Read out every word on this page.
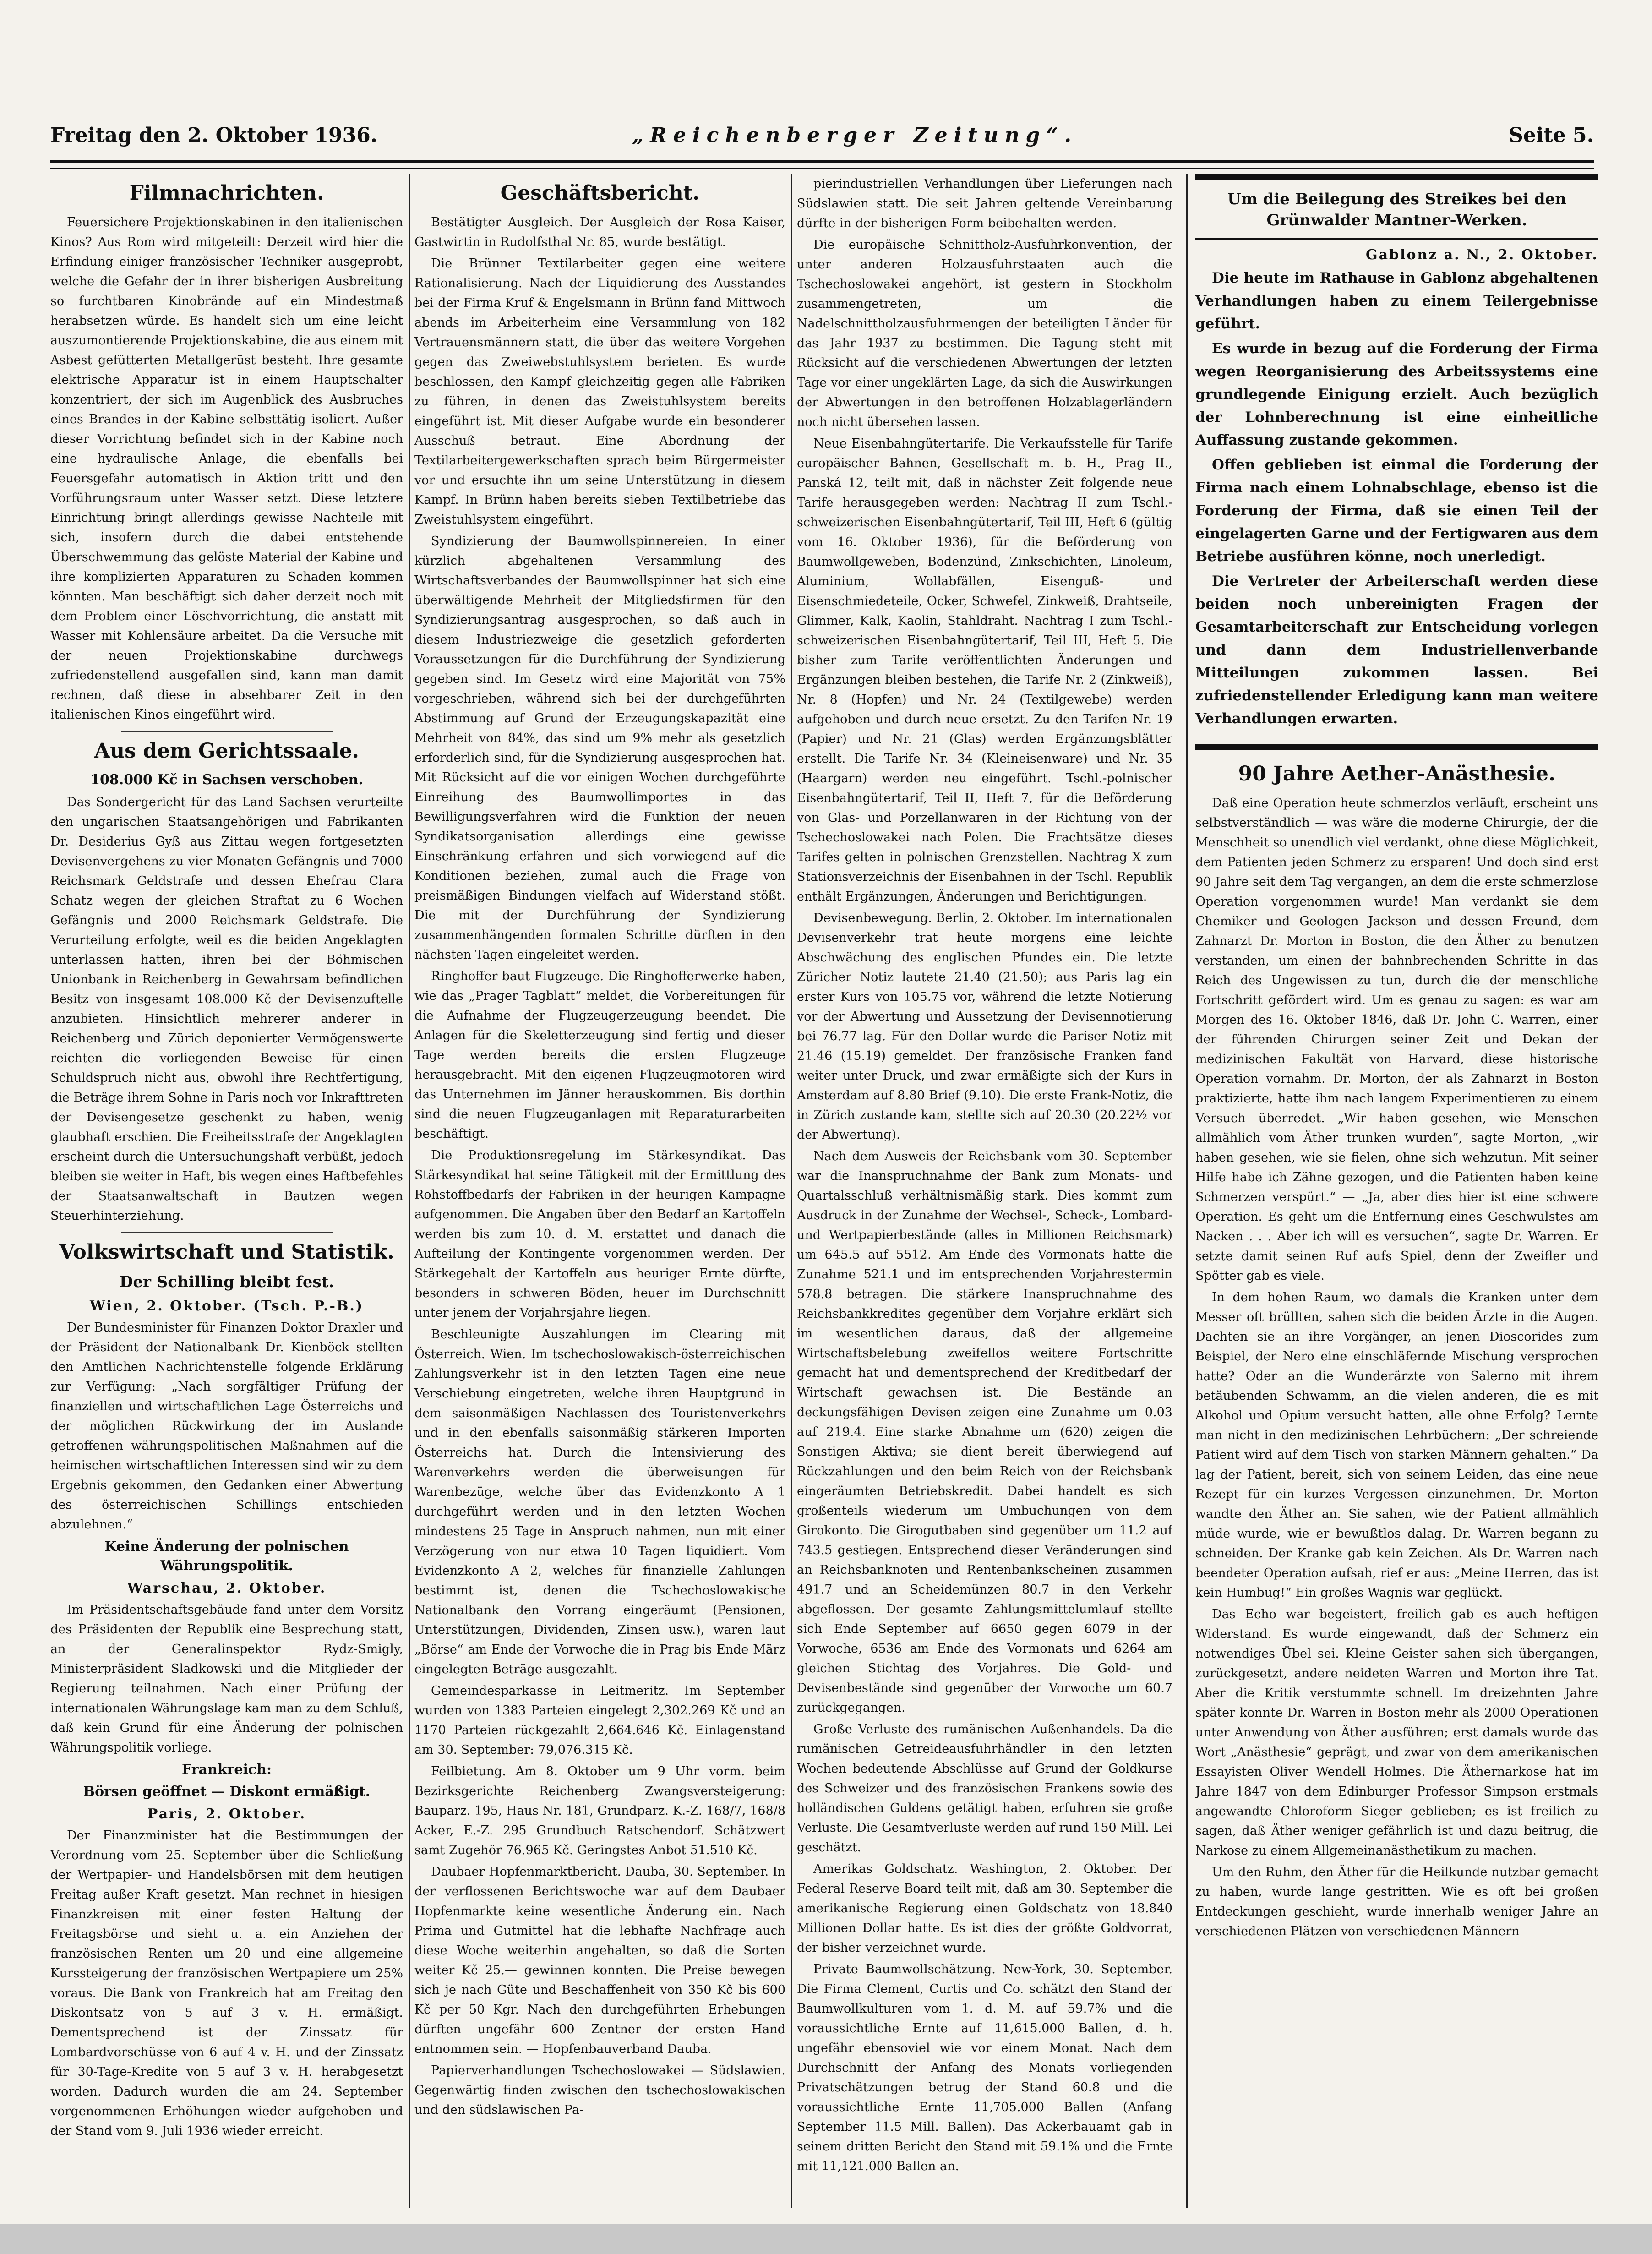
Freitag den 2. Oktober 1936.	„Reichenberger Zeitung“.	Seite 5.
Filmnachrichten.

Feuersichere Projektionskabinen in den italienischen Kinos? Aus Rom wird mitgeteilt: Derzeit wird hier die Erfindung einiger französischer Techniker ausgeprobt, welche die Gefahr der in ihrer bisherigen Ausbreitung so furchtbaren Kinobrände auf ein Mindestmaß herabsetzen würde. Es handelt sich um eine leicht auszumontierende Projektionskabine, die aus einem mit Asbest gefütterten Metallgerüst besteht. Ihre gesamte elektrische Apparatur ist in einem Hauptschalter konzentriert, der sich im Augenblick des Ausbruches eines Brandes in der Kabine selbsttätig isoliert. Außer dieser Vorrichtung befindet sich in der Kabine noch eine hydraulische Anlage, die ebenfalls bei Feuersgefahr automatisch in Aktion tritt und den Vorführungsraum unter Wasser setzt. Diese letztere Einrichtung bringt allerdings gewisse Nachteile mit sich, insofern durch die dabei entstehende Überschwemmung das gelöste Material der Kabine und ihre komplizierten Apparaturen zu Schaden kommen könnten. Man beschäftigt sich daher derzeit noch mit dem Problem einer Löschvorrichtung, die anstatt mit Wasser mit Kohlensäure arbeitet. Da die Versuche mit der neuen Projektionskabine durchwegs zufriedenstellend ausgefallen sind, kann man damit rechnen, daß diese in absehbarer Zeit in den italienischen Kinos eingeführt wird.

Aus dem Gerichtssaale.
108.000 Kč in Sachsen verschoben.

Das Sondergericht für das Land Sachsen verurteilte den ungarischen Staatsangehörigen und Fabrikanten Dr. Desiderius Gyß aus Zittau wegen fortgesetzten Devisenvergehens zu vier Monaten Gefängnis und 7000 Reichsmark Geldstrafe und dessen Ehefrau Clara Schatz wegen der gleichen Straftat zu 6 Wochen Gefängnis und 2000 Reichsmark Geldstrafe. Die Verurteilung erfolgte, weil es die beiden Angeklagten unterlassen hatten, ihren bei der Böhmischen Unionbank in Reichenberg in Gewahrsam befindlichen Besitz von insgesamt 108.000 Kč der Devisenzuftelle anzubieten. Hinsichtlich mehrerer anderer in Reichenberg und Zürich deponierter Vermögenswerte reichten die vorliegenden Beweise für einen Schuldspruch nicht aus, obwohl ihre Rechtfertigung, die Beträge ihrem Sohne in Paris noch vor Inkrafttreten der Devisengesetze geschenkt zu haben, wenig glaubhaft erschien. Die Freiheitsstrafe der Angeklagten erscheint durch die Untersuchungshaft verbüßt, jedoch bleiben sie weiter in Haft, bis wegen eines Haftbefehles der Staatsanwaltschaft in Bautzen wegen Steuerhinterziehung.

Volkswirtschaft und Statistik.
Der Schilling bleibt fest.
Wien, 2. Oktober. (Tsch. P.-B.)

Der Bundesminister für Finanzen Doktor Draxler und der Präsident der Nationalbank Dr. Kienböck stellten den Amtlichen Nachrichtenstelle folgende Erklärung zur Verfügung: „Nach sorgfältiger Prüfung der finanziellen und wirtschaftlichen Lage Österreichs und der möglichen Rückwirkung der im Auslande getroffenen währungspolitischen Maßnahmen auf die heimischen wirtschaftlichen Interessen sind wir zu dem Ergebnis gekommen, den Gedanken einer Abwertung des österreichischen Schillings entschieden abzulehnen.“

Keine Änderung der polnischen Währungspolitik.
Warschau, 2. Oktober.

Im Präsidentschaftsgebäude fand unter dem Vorsitz des Präsidenten der Republik eine Besprechung statt, an der Generalinspektor Rydz-Smigly, Ministerpräsident Sladkowski und die Mitglieder der Regierung teilnahmen. Nach einer Prüfung der internationalen Währungslage kam man zu dem Schluß, daß kein Grund für eine Änderung der polnischen Währungspolitik vorliege.

Frankreich:
Börsen geöffnet — Diskont ermäßigt.
Paris, 2. Oktober.

Der Finanzminister hat die Bestimmungen der Verordnung vom 25. September über die Schließung der Wertpapier- und Handelsbörsen mit dem heutigen Freitag außer Kraft gesetzt. Man rechnet in hiesigen Finanzkreisen mit einer festen Haltung der Freitagsbörse und sieht u. a. ein Anziehen der französischen Renten um 20 und eine allgemeine Kurssteigerung der französischen Wertpapiere um 25% voraus. Die Bank von Frankreich hat am Freitag den Diskontsatz von 5 auf 3 v. H. ermäßigt. Dementsprechend ist der Zinssatz für Lombardvorschüsse von 6 auf 4 v. H. und der Zinssatz für 30-Tage-Kredite von 5 auf 3 v. H. herabgesetzt worden. Dadurch wurden die am 24. September vorgenommenen Erhöhungen wieder aufgehoben und der Stand vom 9. Juli 1936 wieder erreicht.

Geschäftsbericht.

Bestätigter Ausgleich. Der Ausgleich der Rosa Kaiser, Gastwirtin in Rudolfsthal Nr. 85, wurde bestätigt.

Die Brünner Textilarbeiter gegen eine weitere Rationalisierung. Nach der Liquidierung des Ausstandes bei der Firma Kruf & Engelsmann in Brünn fand Mittwoch abends im Arbeiterheim eine Versammlung von 182 Vertrauensmännern statt, die über das weitere Vorgehen gegen das Zweiwebstuhlsystem berieten. Es wurde beschlossen, den Kampf gleichzeitig gegen alle Fabriken zu führen, in denen das Zweistuhlsystem bereits eingeführt ist. Mit dieser Aufgabe wurde ein besonderer Ausschuß betraut. Eine Abordnung der Textilarbeitergewerkschaften sprach beim Bürgermeister vor und ersuchte ihn um seine Unterstützung in diesem Kampf. In Brünn haben bereits sieben Textilbetriebe das Zweistuhlsystem eingeführt.

Syndizierung der Baumwollspinnereien. In einer kürzlich abgehaltenen Versammlung des Wirtschaftsverbandes der Baumwollspinner hat sich eine überwältigende Mehrheit der Mitgliedsfirmen für den Syndizierungsantrag ausgesprochen, so daß auch in diesem Industriezweige die gesetzlich geforderten Voraussetzungen für die Durchführung der Syndizierung gegeben sind. Im Gesetz wird eine Majorität von 75% vorgeschrieben, während sich bei der durchgeführten Abstimmung auf Grund der Erzeugungskapazität eine Mehrheit von 84%, das sind um 9% mehr als gesetzlich erforderlich sind, für die Syndizierung ausgesprochen hat. Mit Rücksicht auf die vor einigen Wochen durchgeführte Einreihung des Baumwollimportes in das Bewilligungsverfahren wird die Funktion der neuen Syndikatsorganisation allerdings eine gewisse Einschränkung erfahren und sich vorwiegend auf die Konditionen beziehen, zumal auch die Frage von preismäßigen Bindungen vielfach auf Widerstand stößt. Die mit der Durchführung der Syndizierung zusammenhängenden formalen Schritte dürften in den nächsten Tagen eingeleitet werden.

Ringhoffer baut Flugzeuge. Die Ringhofferwerke haben, wie das „Prager Tagblatt“ meldet, die Vorbereitungen für die Aufnahme der Flugzeugerzeugung beendet. Die Anlagen für die Skeletterzeugung sind fertig und dieser Tage werden bereits die ersten Flugzeuge herausgebracht. Mit den eigenen Flugzeugmotoren wird das Unternehmen im Jänner herauskommen. Bis dorthin sind die neuen Flugzeuganlagen mit Reparaturarbeiten beschäftigt.

Die Produktionsregelung im Stärkesyndikat. Das Stärkesyndikat hat seine Tätigkeit mit der Ermittlung des Rohstoffbedarfs der Fabriken in der heurigen Kampagne aufgenommen. Die Angaben über den Bedarf an Kartoffeln werden bis zum 10. d. M. erstattet und danach die Aufteilung der Kontingente vorgenommen werden. Der Stärkegehalt der Kartoffeln aus heuriger Ernte dürfte, besonders in schweren Böden, heuer im Durchschnitt unter jenem der Vorjahrsjahre liegen.

Beschleunigte Auszahlungen im Clearing mit Österreich. Wien. Im tschechoslowakisch-österreichischen Zahlungsverkehr ist in den letzten Tagen eine neue Verschiebung eingetreten, welche ihren Hauptgrund in dem saisonmäßigen Nachlassen des Touristenverkehrs und in den ebenfalls saisonmäßig stärkeren Importen Österreichs hat. Durch die Intensivierung des Warenverkehrs werden die überweisungen für Warenbezüge, welche über das Evidenzkonto A 1 durchgeführt werden und in den letzten Wochen mindestens 25 Tage in Anspruch nahmen, nun mit einer Verzögerung von nur etwa 10 Tagen liquidiert. Vom Evidenzkonto A 2, welches für finanzielle Zahlungen bestimmt ist, denen die Tschechoslowakische Nationalbank den Vorrang eingeräumt (Pensionen, Unterstützungen, Dividenden, Zinsen usw.), waren laut „Börse“ am Ende der Vorwoche die in Prag bis Ende März eingelegten Beträge ausgezahlt.

Gemeindesparkasse in Leitmeritz. Im September wurden von 1383 Parteien eingelegt 2,302.269 Kč und an 1170 Parteien rückgezahlt 2,664.646 Kč. Einlagenstand am 30. September: 79,076.315 Kč.

Feilbietung. Am 8. Oktober um 9 Uhr vorm. beim Bezirksgerichte Reichenberg Zwangsversteigerung: Bauparz. 195, Haus Nr. 181, Grundparz. K.-Z. 168/7, 168/8 Acker, E.-Z. 295 Grundbuch Ratschendorf. Schätzwert samt Zugehör 76.965 Kč. Geringstes Anbot 51.510 Kč.

Daubaer Hopfenmarktbericht. Dauba, 30. September. In der verflossenen Berichtswoche war auf dem Daubaer Hopfenmarkte keine wesentliche Änderung ein. Nach Prima und Gutmittel hat die lebhafte Nachfrage auch diese Woche weiterhin angehalten, so daß die Sorten weiter Kč 25.— gewinnen konnten. Die Preise bewegen sich je nach Güte und Beschaffenheit von 350 Kč bis 600 Kč per 50 Kgr. Nach den durchgeführten Erhebungen dürften ungefähr 600 Zentner der ersten Hand entnommen sein. — Hopfenbauverband Dauba.

Papierverhandlungen Tschechoslowakei — Südslawien. Gegenwärtig finden zwischen den tschechoslowakischen und den südslawischen Pa-

pierindustriellen Verhandlungen über Lieferungen nach Südslawien statt. Die seit Jahren geltende Vereinbarung dürfte in der bisherigen Form beibehalten werden.

Die europäische Schnittholz-Ausfuhrkonvention, der unter anderen Holzausfuhrstaaten auch die Tschechoslowakei angehört, ist gestern in Stockholm zusammengetreten, um die Nadelschnittholzausfuhrmengen der beteiligten Länder für das Jahr 1937 zu bestimmen. Die Tagung steht mit Rücksicht auf die verschiedenen Abwertungen der letzten Tage vor einer ungeklärten Lage, da sich die Auswirkungen der Abwertungen in den betroffenen Holzablagerländern noch nicht übersehen lassen.

Neue Eisenbahngütertarife. Die Verkaufsstelle für Tarife europäischer Bahnen, Gesellschaft m. b. H., Prag II., Panská 12, teilt mit, daß in nächster Zeit folgende neue Tarife herausgegeben werden: Nachtrag II zum Tschl.-schweizerischen Eisenbahngütertarif, Teil III, Heft 6 (gültig vom 16. Oktober 1936), für die Beförderung von Baumwollgeweben, Bodenzünd, Zinkschichten, Linoleum, Aluminium, Wollabfällen, Eisenguß- und Eisenschmiedeteile, Ocker, Schwefel, Zinkweiß, Drahtseile, Glimmer, Kalk, Kaolin, Stahldraht. Nachtrag I zum Tschl.-schweizerischen Eisenbahngütertarif, Teil III, Heft 5. Die bisher zum Tarife veröffentlichten Änderungen und Ergänzungen bleiben bestehen, die Tarife Nr. 2 (Zinkweiß), Nr. 8 (Hopfen) und Nr. 24 (Textilgewebe) werden aufgehoben und durch neue ersetzt. Zu den Tarifen Nr. 19 (Papier) und Nr. 21 (Glas) werden Ergänzungsblätter erstellt. Die Tarife Nr. 34 (Kleineisenware) und Nr. 35 (Haargarn) werden neu eingeführt. Tschl.-polnischer Eisenbahngütertarif, Teil II, Heft 7, für die Beförderung von Glas- und Porzellanwaren in der Richtung von der Tschechoslowakei nach Polen. Die Frachtsätze dieses Tarifes gelten in polnischen Grenzstellen. Nachtrag X zum Stationsverzeichnis der Eisenbahnen in der Tschl. Republik enthält Ergänzungen, Änderungen und Berichtigungen.

Devisenbewegung. Berlin, 2. Oktober. Im internationalen Devisenverkehr trat heute morgens eine leichte Abschwächung des englischen Pfundes ein. Die letzte Züricher Notiz lautete 21.40 (21.50); aus Paris lag ein erster Kurs von 105.75 vor, während die letzte Notierung vor der Abwertung und Aussetzung der Devisennotierung bei 76.77 lag. Für den Dollar wurde die Pariser Notiz mit 21.46 (15.19) gemeldet. Der französische Franken fand weiter unter Druck, und zwar ermäßigte sich der Kurs in Amsterdam auf 8.80 Brief (9.10). Die erste Frank-Notiz, die in Zürich zustande kam, stellte sich auf 20.30 (20.22½ vor der Abwertung).

Nach dem Ausweis der Reichsbank vom 30. September war die Inanspruchnahme der Bank zum Monats- und Quartalsschluß verhältnismäßig stark. Dies kommt zum Ausdruck in der Zunahme der Wechsel-, Scheck-, Lombard- und Wertpapierbestände (alles in Millionen Reichsmark) um 645.5 auf 5512. Am Ende des Vormonats hatte die Zunahme 521.1 und im entsprechenden Vorjahrestermin 578.8 betragen. Die stärkere Inanspruchnahme des Reichsbankkredites gegenüber dem Vorjahre erklärt sich im wesentlichen daraus, daß der allgemeine Wirtschaftsbelebung zweifellos weitere Fortschritte gemacht hat und dementsprechend der Kreditbedarf der Wirtschaft gewachsen ist. Die Bestände an deckungsfähigen Devisen zeigen eine Zunahme um 0.03 auf 219.4. Eine starke Abnahme um (620) zeigen die Sonstigen Aktiva; sie dient bereit überwiegend auf Rückzahlungen und den beim Reich von der Reichsbank eingeräumten Betriebskredit. Dabei handelt es sich großenteils wiederum um Umbuchungen von dem Girokonto. Die Girogutbaben sind gegenüber um 11.2 auf 743.5 gestiegen. Entsprechend dieser Veränderungen sind an Reichsbanknoten und Rentenbankscheinen zusammen 491.7 und an Scheidemünzen 80.7 in den Verkehr abgeflossen. Der gesamte Zahlungsmittelumlauf stellte sich Ende September auf 6650 gegen 6079 in der Vorwoche, 6536 am Ende des Vormonats und 6264 am gleichen Stichtag des Vorjahres. Die Gold- und Devisenbestände sind gegenüber der Vorwoche um 60.7 zurückgegangen.

Große Verluste des rumänischen Außenhandels. Da die rumänischen Getreideausfuhrhändler in den letzten Wochen bedeutende Abschlüsse auf Grund der Goldkurse des Schweizer und des französischen Frankens sowie des holländischen Guldens getätigt haben, erfuhren sie große Verluste. Die Gesamtverluste werden auf rund 150 Mill. Lei geschätzt.

Amerikas Goldschatz. Washington, 2. Oktober. Der Federal Reserve Board teilt mit, daß am 30. September die amerikanische Regierung einen Goldschatz von 18.840 Millionen Dollar hatte. Es ist dies der größte Goldvorrat, der bisher verzeichnet wurde.

Private Baumwollschätzung. New-York, 30. September. Die Firma Clement, Curtis und Co. schätzt den Stand der Baumwollkulturen vom 1. d. M. auf 59.7% und die voraussichtliche Ernte auf 11,615.000 Ballen, d. h. ungefähr ebensoviel wie vor einem Monat. Nach dem Durchschnitt der Anfang des Monats vorliegenden Privatschätzungen betrug der Stand 60.8 und die voraussichtliche Ernte 11,705.000 Ballen (Anfang September 11.5 Mill. Ballen). Das Ackerbauamt gab in seinem dritten Bericht den Stand mit 59.1% und die Ernte mit 11,121.000 Ballen an.

Um die Beilegung des Streikes bei den Grünwalder Mantner-Werken.
Gablonz a. N., 2. Oktober.

Die heute im Rathause in Gablonz abgehaltenen Verhandlungen haben zu einem Teilergebnisse geführt.

Es wurde in bezug auf die Forderung der Firma wegen Reorganisierung des Arbeitssystems eine grundlegende Einigung erzielt. Auch bezüglich der Lohnberechnung ist eine einheitliche Auffassung zustande gekommen.

Offen geblieben ist einmal die Forderung der Firma nach einem Lohnabschlage, ebenso ist die Forderung der Firma, daß sie einen Teil der eingelagerten Garne und der Fertigwaren aus dem Betriebe ausführen könne, noch unerledigt.

Die Vertreter der Arbeiterschaft werden diese beiden noch unbereinigten Fragen der Gesamtarbeiterschaft zur Entscheidung vorlegen und dann dem Industriellenverbande Mitteilungen zukommen lassen. Bei zufriedenstellender Erledigung kann man weitere Verhandlungen erwarten.

90 Jahre Aether-Anästhesie.

Daß eine Operation heute schmerzlos verläuft, erscheint uns selbstverständlich — was wäre die moderne Chirurgie, der die Menschheit so unendlich viel verdankt, ohne diese Möglichkeit, dem Patienten jeden Schmerz zu ersparen! Und doch sind erst 90 Jahre seit dem Tag vergangen, an dem die erste schmerzlose Operation vorgenommen wurde! Man verdankt sie dem Chemiker und Geologen Jackson und dessen Freund, dem Zahnarzt Dr. Morton in Boston, die den Äther zu benutzen verstanden, um einen der bahnbrechenden Schritte in das Reich des Ungewissen zu tun, durch die der menschliche Fortschritt gefördert wird. Um es genau zu sagen: es war am Morgen des 16. Oktober 1846, daß Dr. John C. Warren, einer der führenden Chirurgen seiner Zeit und Dekan der medizinischen Fakultät von Harvard, diese historische Operation vornahm. Dr. Morton, der als Zahnarzt in Boston praktizierte, hatte ihm nach langem Experimentieren zu einem Versuch überredet. „Wir haben gesehen, wie Menschen allmählich vom Äther trunken wurden“, sagte Morton, „wir haben gesehen, wie sie fielen, ohne sich wehzutun. Mit seiner Hilfe habe ich Zähne gezogen, und die Patienten haben keine Schmerzen verspürt.“ — „Ja, aber dies hier ist eine schwere Operation. Es geht um die Entfernung eines Geschwulstes am Nacken . . . Aber ich will es versuchen“, sagte Dr. Warren. Er setzte damit seinen Ruf aufs Spiel, denn der Zweifler und Spötter gab es viele.

In dem hohen Raum, wo damals die Kranken unter dem Messer oft brüllten, sahen sich die beiden Ärzte in die Augen. Dachten sie an ihre Vorgänger, an jenen Dioscorides zum Beispiel, der Nero eine einschläfernde Mischung versprochen hatte? Oder an die Wunderärzte von Salerno mit ihrem betäubenden Schwamm, an die vielen anderen, die es mit Alkohol und Opium versucht hatten, alle ohne Erfolg? Lernte man nicht in den medizinischen Lehrbüchern: „Der schreiende Patient wird auf dem Tisch von starken Männern gehalten.“ Da lag der Patient, bereit, sich von seinem Leiden, das eine neue Rezept für ein kurzes Vergessen einzunehmen. Dr. Morton wandte den Äther an. Sie sahen, wie der Patient allmählich müde wurde, wie er bewußtlos dalag. Dr. Warren begann zu schneiden. Der Kranke gab kein Zeichen. Als Dr. Warren nach beendeter Operation aufsah, rief er aus: „Meine Herren, das ist kein Humbug!“ Ein großes Wagnis war geglückt.

Das Echo war begeistert, freilich gab es auch heftigen Widerstand. Es wurde eingewandt, daß der Schmerz ein notwendiges Übel sei. Kleine Geister sahen sich übergangen, zurückgesetzt, andere neideten Warren und Morton ihre Tat. Aber die Kritik verstummte schnell. Im dreizehnten Jahre später konnte Dr. Warren in Boston mehr als 2000 Operationen unter Anwendung von Äther ausführen; erst damals wurde das Wort „Anästhesie“ geprägt, und zwar von dem amerikanischen Essayisten Oliver Wendell Holmes. Die Äthernarkose hat im Jahre 1847 von dem Edinburger Professor Simpson erstmals angewandte Chloroform Sieger geblieben; es ist freilich zu sagen, daß Äther weniger gefährlich ist und dazu beitrug, die Narkose zu einem Allgemeinanästhetikum zu machen.

Um den Ruhm, den Äther für die Heilkunde nutzbar gemacht zu haben, wurde lange gestritten. Wie es oft bei großen Entdeckungen geschieht, wurde innerhalb weniger Jahre an verschiedenen Plätzen von verschiedenen Männern
